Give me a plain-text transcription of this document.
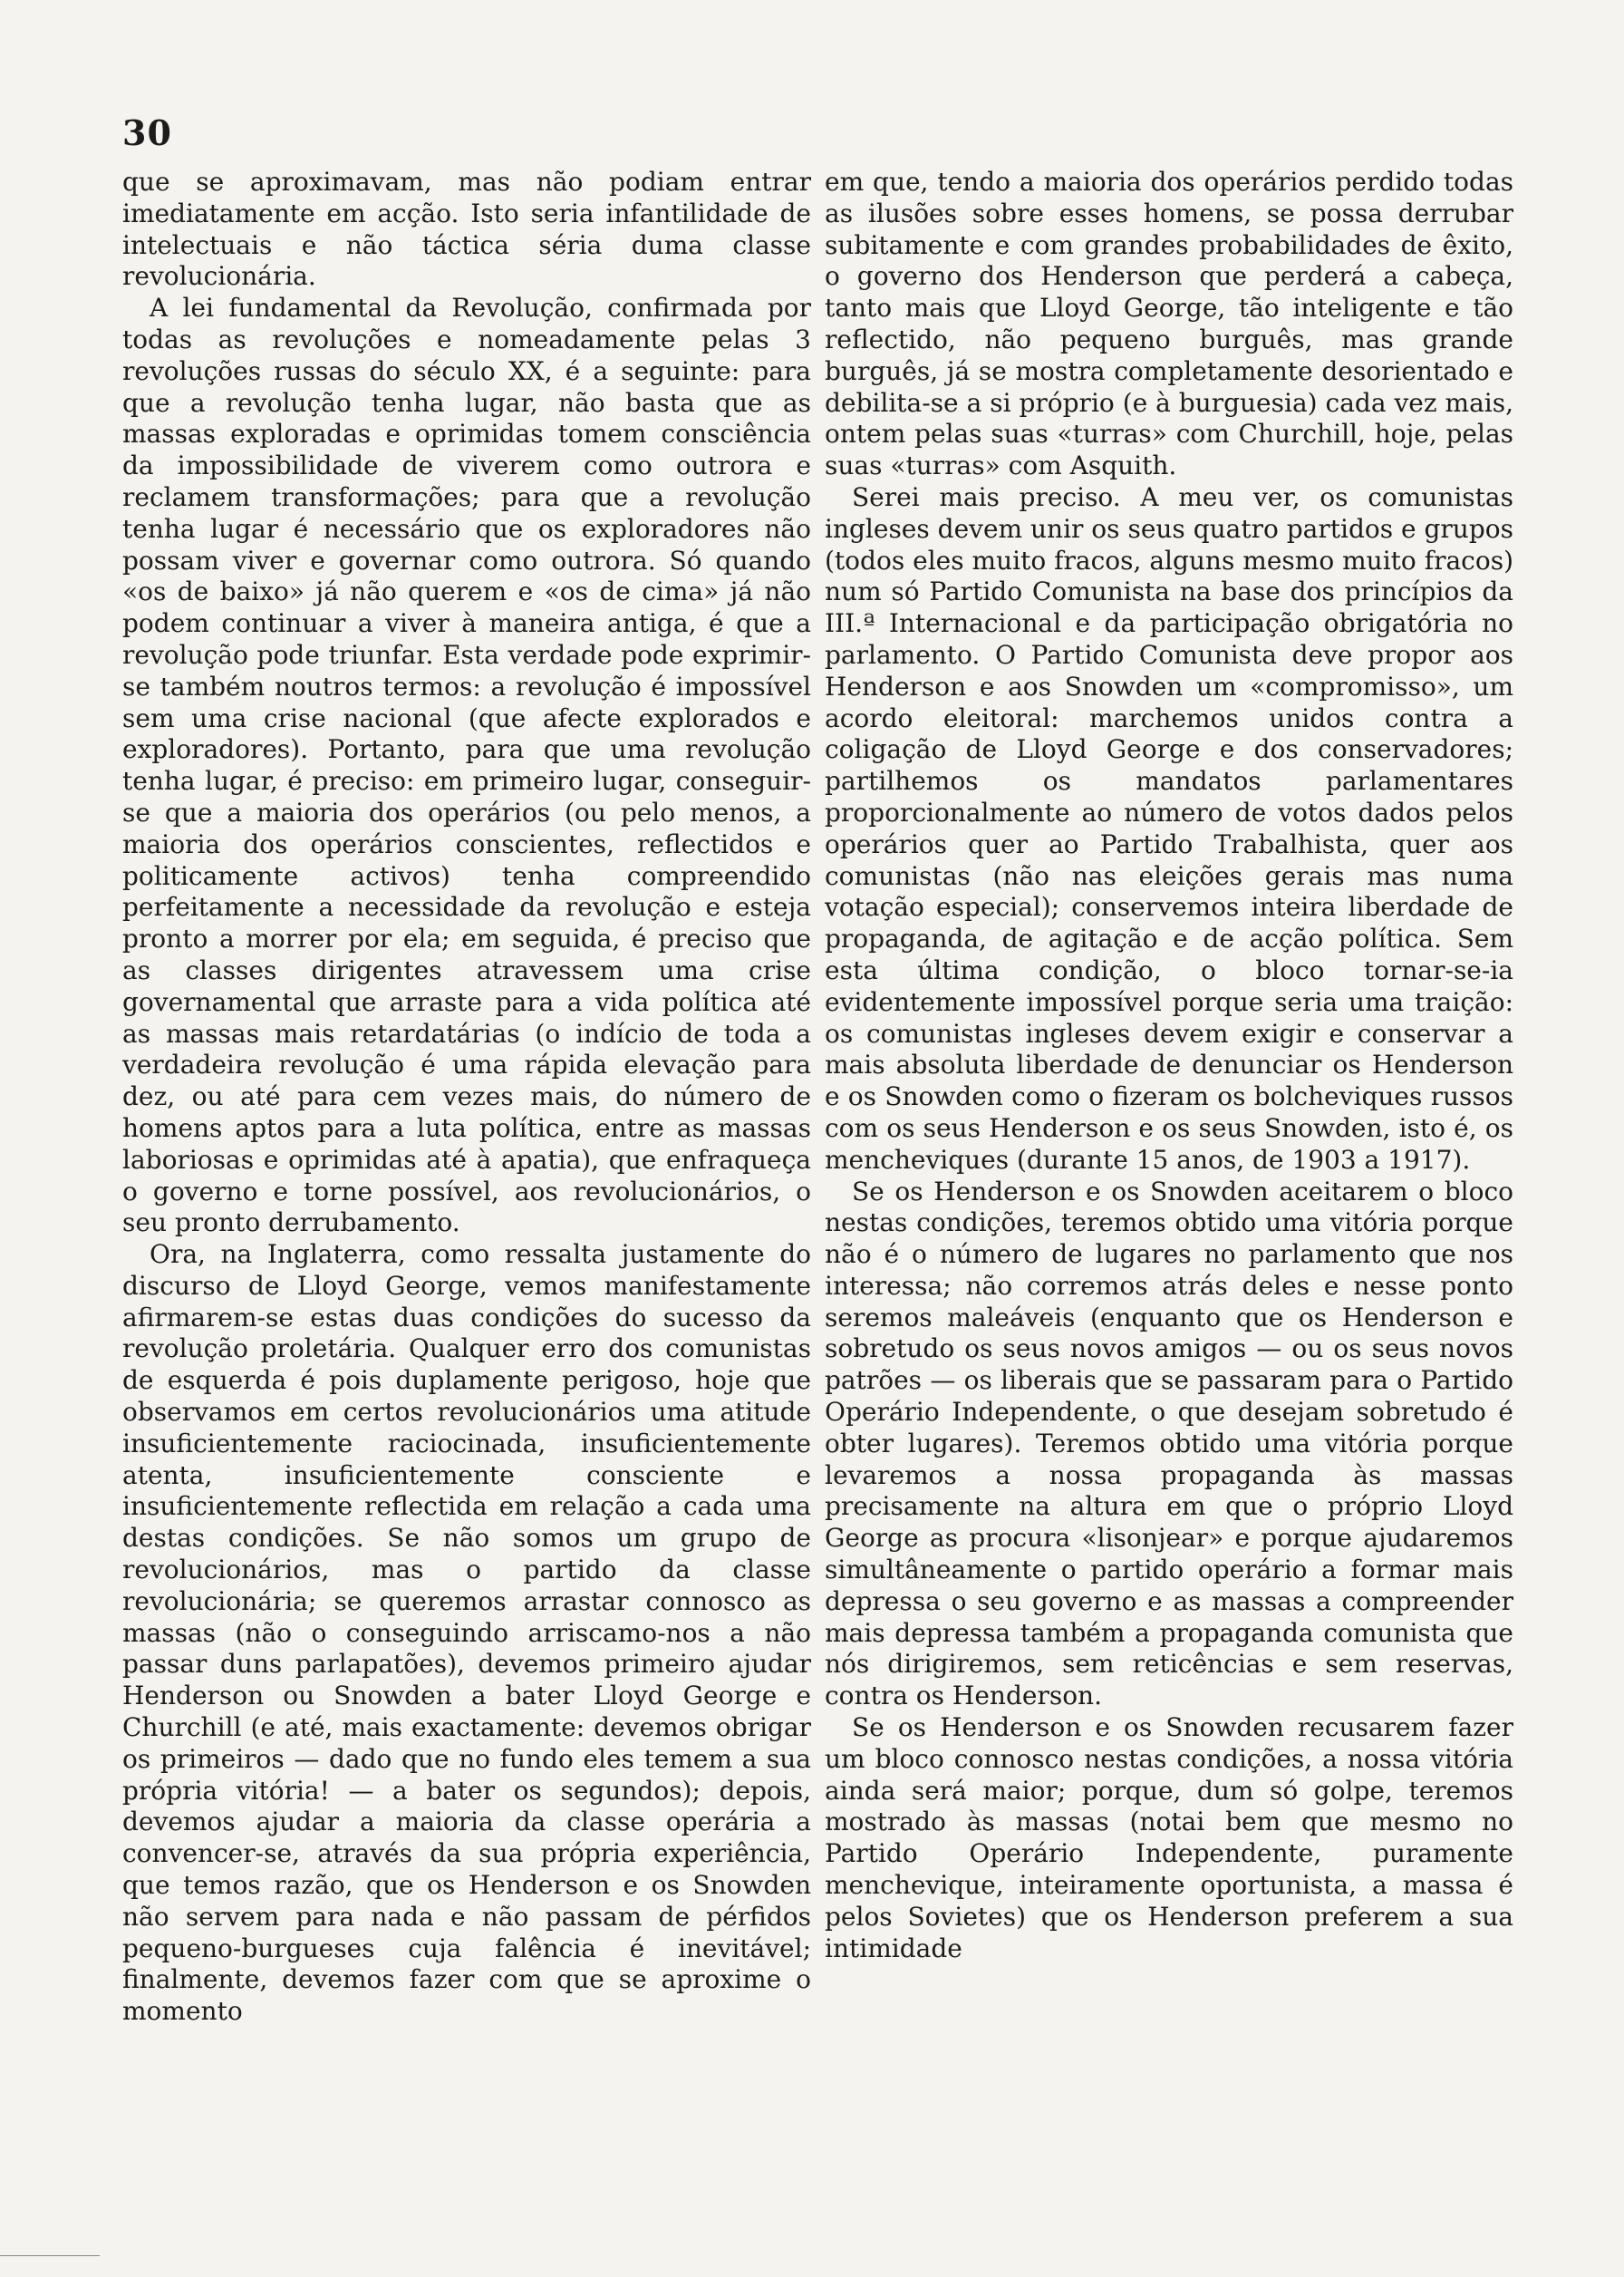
30

que se aproximavam, mas não podiam entrar imediatamente em acção. Isto seria infantilidade de intelectuais e não táctica séria duma classe revolucionária.

A lei fundamental da Revolução, confirmada por todas as revoluções e nomeadamente pelas 3 revoluções russas do século XX, é a seguinte: para que a revolução tenha lugar, não basta que as massas exploradas e oprimidas tomem consciência da impossibilidade de viverem como outrora e reclamem transformações; para que a revolução tenha lugar é necessário que os exploradores não possam viver e governar como outrora. Só quando «os de baixo» já não querem e «os de cima» já não podem continuar a viver à maneira antiga, é que a revolução pode triunfar. Esta verdade pode exprimir-se também noutros termos: a revolução é impossível sem uma crise nacional (que afecte explorados e exploradores). Portanto, para que uma revolução tenha lugar, é preciso: em primeiro lugar, conseguir-se que a maioria dos operários (ou pelo menos, a maioria dos operários conscientes, reflectidos e politicamente activos) tenha compreendido perfeitamente a necessidade da revolução e esteja pronto a morrer por ela; em seguida, é preciso que as classes dirigentes atravessem uma crise governamental que arraste para a vida política até as massas mais retardatárias (o indício de toda a verdadeira revolução é uma rápida elevação para dez, ou até para cem vezes mais, do número de homens aptos para a luta política, entre as massas laboriosas e oprimidas até à apatia), que enfraqueça o governo e torne possível, aos revolucionários, o seu pronto derrubamento.

Ora, na Inglaterra, como ressalta justamente do discurso de Lloyd George, vemos manifestamente afirmarem-se estas duas condições do sucesso da revolução proletária. Qualquer erro dos comunistas de esquerda é pois duplamente perigoso, hoje que observamos em certos revolucionários uma atitude insuficientemente raciocinada, insuficientemente atenta, insuficientemente consciente e insuficientemente reflectida em relação a cada uma destas condições. Se não somos um grupo de revolucionários, mas o partido da classe revolucionária; se queremos arrastar connosco as massas (não o conseguindo arriscamo-nos a não passar duns parlapatões), devemos primeiro ajudar Henderson ou Snowden a bater Lloyd George e Churchill (e até, mais exactamente: devemos obrigar os primeiros — dado que no fundo eles temem a sua própria vitória! — a bater os segundos); depois, devemos ajudar a maioria da classe operária a convencer-se, através da sua própria experiência, que temos razão, que os Henderson e os Snowden não servem para nada e não passam de pérfidos pequeno-burgueses cuja falência é inevitável; finalmente, devemos fazer com que se aproxime o momento

em que, tendo a maioria dos operários perdido todas as ilusões sobre esses homens, se possa derrubar subitamente e com grandes probabilidades de êxito, o governo dos Henderson que perderá a cabeça, tanto mais que Lloyd George, tão inteligente e tão reflectido, não pequeno burguês, mas grande burguês, já se mostra completamente desorientado e debilita-se a si próprio (e à burguesia) cada vez mais, ontem pelas suas «turras» com Churchill, hoje, pelas suas «turras» com Asquith.

Serei mais preciso. A meu ver, os comunistas ingleses devem unir os seus quatro partidos e grupos (todos eles muito fracos, alguns mesmo muito fracos) num só Partido Comunista na base dos princípios da III.ª Internacional e da participação obrigatória no parlamento. O Partido Comunista deve propor aos Henderson e aos Snowden um «compromisso», um acordo eleitoral: marchemos unidos contra a coligação de Lloyd George e dos conservadores; partilhemos os mandatos parlamentares proporcionalmente ao número de votos dados pelos operários quer ao Partido Trabalhista, quer aos comunistas (não nas eleições gerais mas numa votação especial); conservemos inteira liberdade de propaganda, de agitação e de acção política. Sem esta última condição, o bloco tornar-se-ia evidentemente impossível porque seria uma traição: os comunistas ingleses devem exigir e conservar a mais absoluta liberdade de denunciar os Henderson e os Snowden como o fizeram os bolcheviques russos com os seus Henderson e os seus Snowden, isto é, os mencheviques (durante 15 anos, de 1903 a 1917).

Se os Henderson e os Snowden aceitarem o bloco nestas condições, teremos obtido uma vitória porque não é o número de lugares no parlamento que nos interessa; não corremos atrás deles e nesse ponto seremos maleáveis (enquanto que os Henderson e sobretudo os seus novos amigos — ou os seus novos patrões — os liberais que se passaram para o Partido Operário Independente, o que desejam sobretudo é obter lugares). Teremos obtido uma vitória porque levaremos a nossa propaganda às massas precisamente na altura em que o próprio Lloyd George as procura «lisonjear» e porque ajudaremos simultâneamente o partido operário a formar mais depressa o seu governo e as massas a compreender mais depressa também a propaganda comunista que nós dirigiremos, sem reticências e sem reservas, contra os Henderson.

Se os Henderson e os Snowden recusarem fazer um bloco connosco nestas condições, a nossa vitória ainda será maior; porque, dum só golpe, teremos mostrado às massas (notai bem que mesmo no Partido Operário Independente, puramente menchevique, inteiramente oportunista, a massa é pelos Sovietes) que os Henderson preferem a sua intimidade
